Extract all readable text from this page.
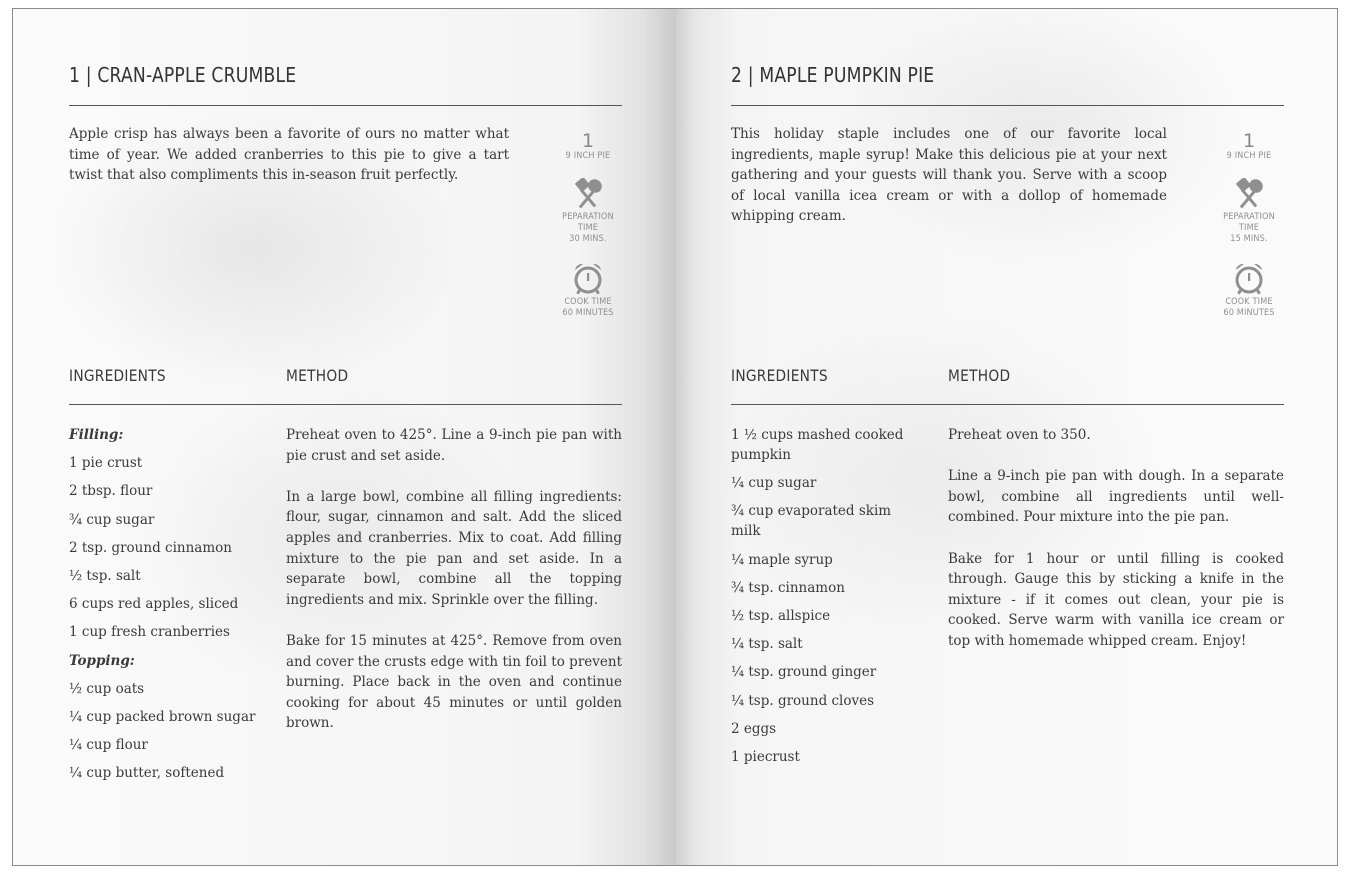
1 | CRAN-APPLE CRUMBLE
Apple crisp has always been a favorite of ours no matter what time of year. We added cranberries to this pie to give a tart twist that also compliments this in-season fruit perfectly.
1
9 INCH PIE
PEPARATION TIME
30 MINS.
COOK TIME
60 MINUTES
INGREDIENTS	METHOD
Filling:
1 pie crust
2 tbsp. flour
¾ cup sugar
2 tsp. ground cinnamon
½ tsp. salt
6 cups red apples, sliced
1 cup fresh cranberries
Topping:
½ cup oats
¼ cup packed brown sugar
¼ cup flour
¼ cup butter, softened

Preheat oven to 425°. Line a 9-inch pie pan with pie crust and set aside.

In a large bowl, combine all filling ingredients: flour, sugar, cinnamon and salt. Add the sliced apples and cranberries. Mix to coat. Add filling mixture to the pie pan and set aside. In a separate bowl, combine all the topping ingredients and mix. Sprinkle over the filling.

Bake for 15 minutes at 425°. Remove from oven and cover the crusts edge with tin foil to prevent burning. Place back in the oven and continue cooking for about 45 minutes or until golden brown.

2 | MAPLE PUMPKIN PIE
This holiday staple includes one of our favorite local ingredients, maple syrup! Make this delicious pie at your next gathering and your guests will thank you. Serve with a scoop of local vanilla icea cream or with a dollop of homemade whipping cream.
1
9 INCH PIE
PEPARATION TIME
15 MINS.
COOK TIME
60 MINUTES
INGREDIENTS	METHOD
1 ½ cups mashed cooked pumpkin
¼ cup sugar
¾ cup evaporated skim milk
¼ maple syrup
¾ tsp. cinnamon
½ tsp. allspice
¼ tsp. salt
¼ tsp. ground ginger
¼ tsp. ground cloves
2 eggs
1 piecrust

Preheat oven to 350.

Line a 9-inch pie pan with dough. In a separate bowl, combine all ingredients until well-combined. Pour mixture into the pie pan.

Bake for 1 hour or until filling is cooked through. Gauge this by sticking a knife in the mixture - if it comes out clean, your pie is cooked. Serve warm with vanilla ice cream or top with homemade whipped cream. Enjoy!
